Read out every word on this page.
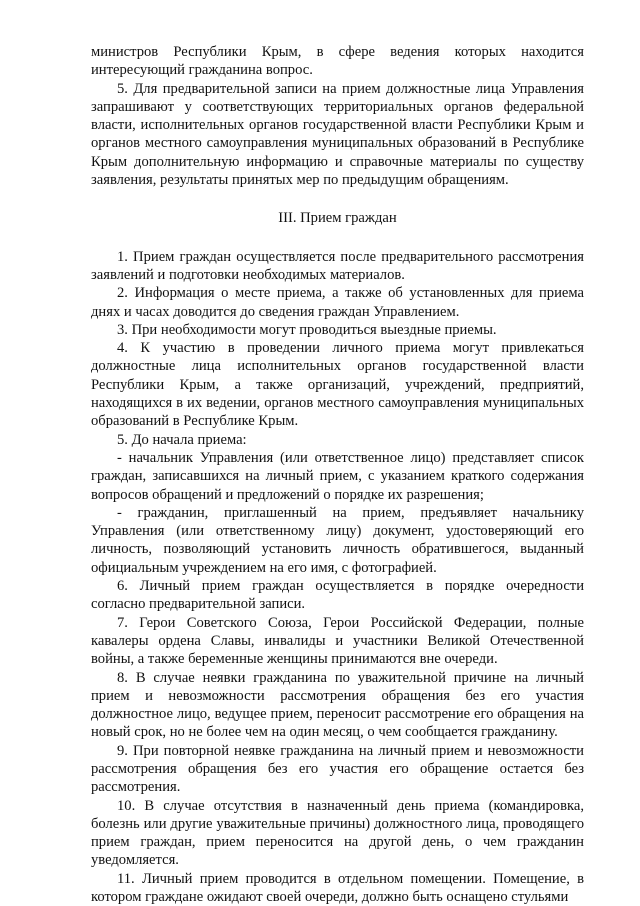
министров Республики Крым, в сфере ведения которых находится интересующий гражданина вопрос.

5. Для предварительной записи на прием должностные лица Управления запрашивают у соответствующих территориальных органов федеральной власти, исполнительных органов государственной власти Республики Крым и органов местного самоуправления муниципальных образований в Республике Крым дополнительную информацию и справочные материалы по существу заявления, результаты принятых мер по предыдущим обращениям.

III. Прием граждан

1. Прием граждан осуществляется после предварительного рассмотрения заявлений и подготовки необходимых материалов.

2. Информация о месте приема, а также об установленных для приема днях и часах доводится до сведения граждан Управлением.

3. При необходимости могут проводиться выездные приемы.

4. К участию в проведении личного приема могут привлекаться должностные лица исполнительных органов государственной власти Республики Крым, а также организаций, учреждений, предприятий, находящихся в их ведении, органов местного самоуправления муниципальных образований в Республике Крым.

5. До начала приема:

- начальник Управления (или ответственное лицо) представляет список граждан, записавшихся на личный прием, с указанием краткого содержания вопросов обращений и предложений о порядке их разрешения;

- гражданин, приглашенный на прием, предъявляет начальнику Управления (или ответственному лицу) документ, удостоверяющий его личность, позволяющий установить личность обратившегося, выданный официальным учреждением на его имя, с фотографией.

6. Личный прием граждан осуществляется в порядке очередности согласно предварительной записи.

7. Герои Советского Союза, Герои Российской Федерации, полные кавалеры ордена Славы, инвалиды и участники Великой Отечественной войны, а также беременные женщины принимаются вне очереди.

8. В случае неявки гражданина по уважительной причине на личный прием и невозможности рассмотрения обращения без его участия должностное лицо, ведущее прием, переносит рассмотрение его обращения на новый срок, но не более чем на один месяц, о чем сообщается гражданину.

9. При повторной неявке гражданина на личный прием и невозможности рассмотрения обращения без его участия его обращение остается без рассмотрения.

10. В случае отсутствия в назначенный день приема (командировка, болезнь или другие уважительные причины) должностного лица, проводящего прием граждан, прием переносится на другой день, о чем гражданин уведомляется.

11. Личный прием проводится в отдельном помещении. Помещение, в котором граждане ожидают своей очереди, должно быть оснащено стульями
